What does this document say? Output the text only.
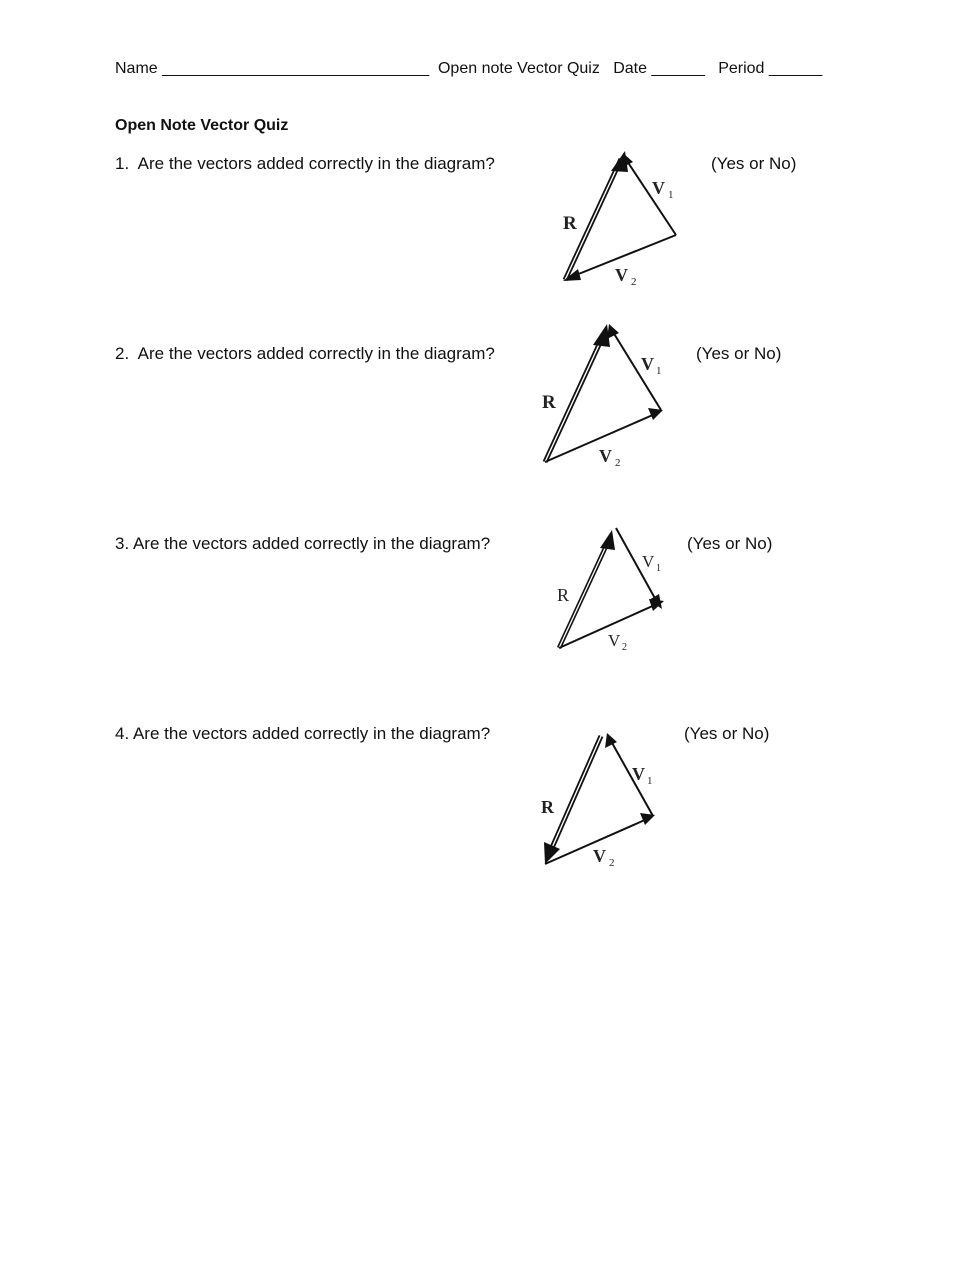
Name ______________________________ Open note Vector Quiz Date ______ Period ______
Open Note Vector Quiz
1.  Are the vectors added correctly in the diagram?	(Yes or No)
R
V 1
V 2
2.  Are the vectors added correctly in the diagram?	(Yes or No)
R
V 1
V 2
3. Are the vectors added correctly in the diagram?	(Yes or No)
R
V 1
V 2
4. Are the vectors added correctly in the diagram?	(Yes or No)
R
V 1
V 2
